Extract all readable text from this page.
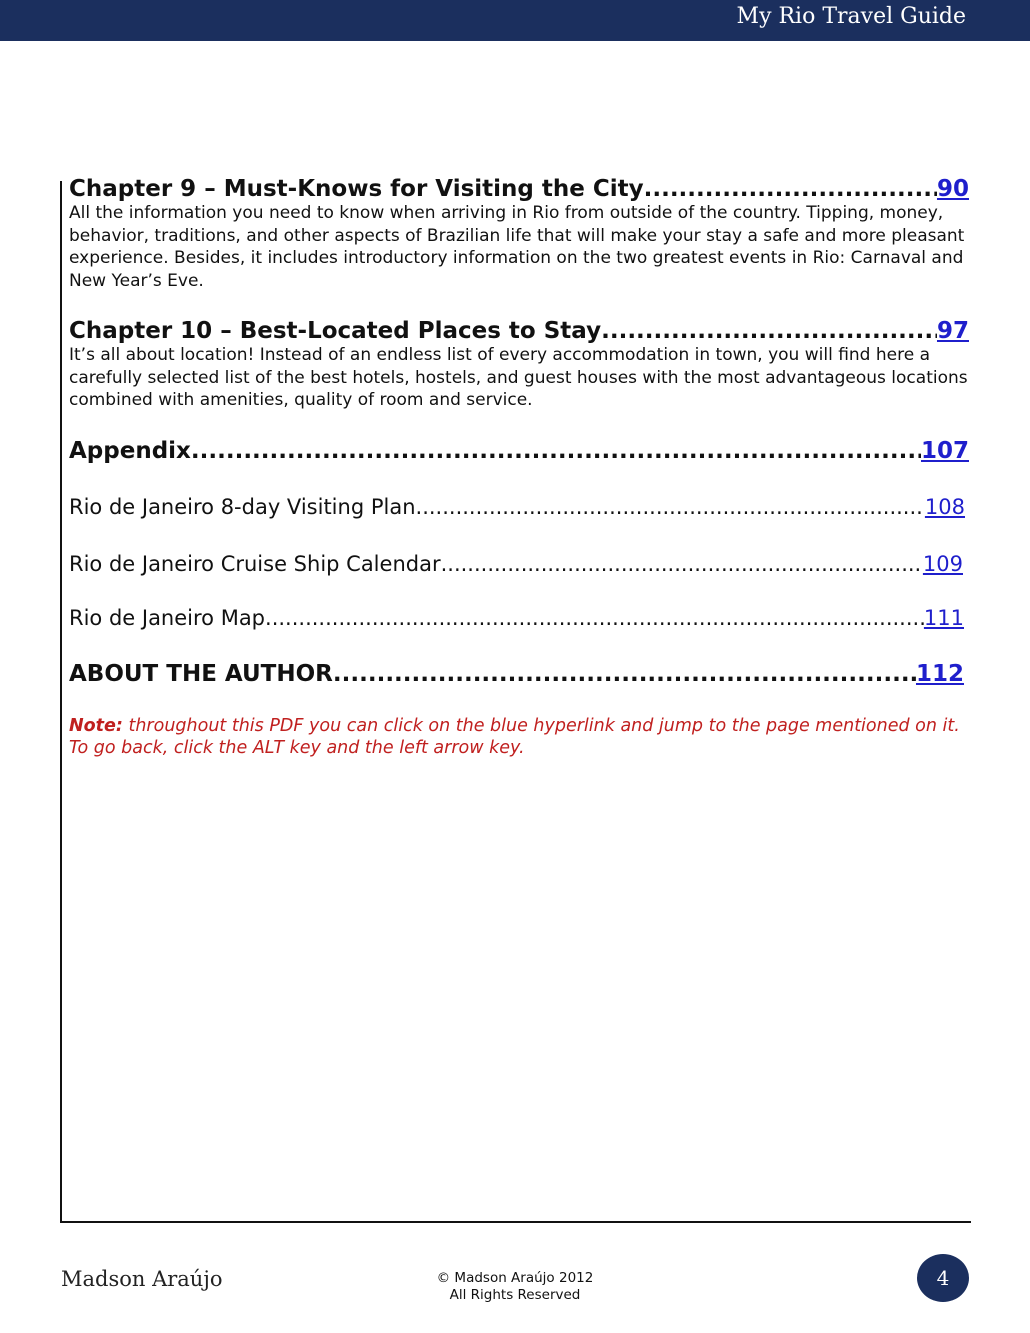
My Rio Travel Guide
Chapter 9 – Must-Knows for Visiting the City .....	90
All the information you need to know when arriving in Rio from outside of the country. Tipping, money, behavior, traditions, and other aspects of Brazilian life that will make your stay a safe and more pleasant experience. Besides, it includes introductory information on the two greatest events in Rio: Carnaval and New Year’s Eve.
Chapter 10 – Best-Located Places to Stay .....	97
It’s all about location! Instead of an endless list of every accommodation in town, you will find here a carefully selected list of the best hotels, hostels, and guest houses with the most advantageous locations combined with amenities, quality of room and service.
Appendix .....	107
Rio de Janeiro 8-day Visiting Plan .....	108
Rio de Janeiro Cruise Ship Calendar .....	109
Rio de Janeiro Map .....	111
ABOUT THE AUTHOR .....	112
Note: throughout this PDF you can click on the blue hyperlink and jump to the page mentioned on it. To go back, click the ALT key and the left arrow key.
Madson Araújo	© Madson Araújo 2012
All Rights Reserved
4
